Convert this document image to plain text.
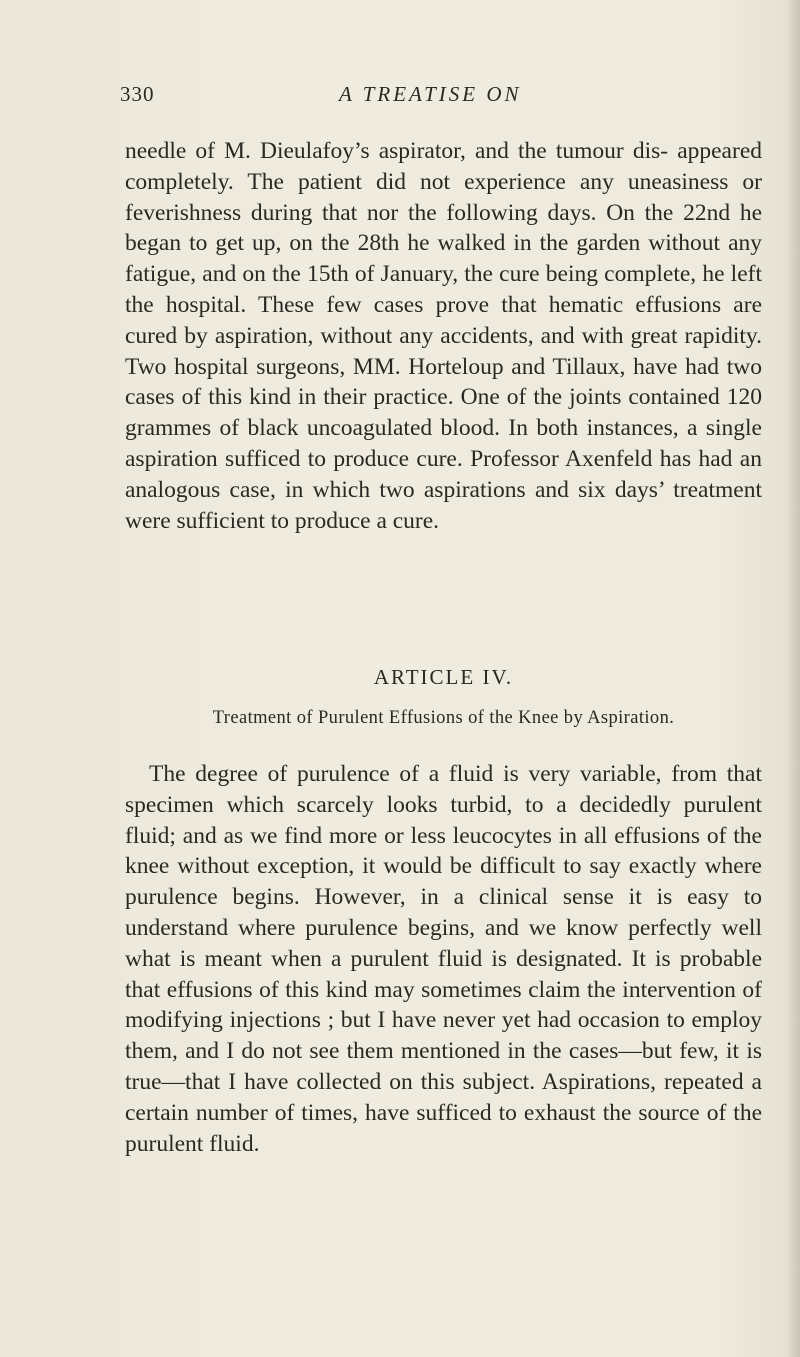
330	A TREATISE ON

needle of M. Dieulafoy’s aspirator, and the tumour dis- appeared completely. The patient did not experience any uneasiness or feverishness during that nor the following days. On the 22nd he began to get up, on the 28th he walked in the garden without any fatigue, and on the 15th of January, the cure being complete, he left the hospital. These few cases prove that hematic effusions are cured by aspiration, without any accidents, and with great rapidity. Two hospital surgeons, MM. Horteloup and Tillaux, have had two cases of this kind in their practice. One of the joints contained 120 grammes of black uncoagulated blood. In both instances, a single aspiration sufficed to produce cure. Professor Axenfeld has had an analogous case, in which two aspirations and six days’ treatment were sufficient to produce a cure.

ARTICLE IV.
Treatment of Purulent Effusions of the Knee by Aspiration.

The degree of purulence of a fluid is very variable, from that specimen which scarcely looks turbid, to a decidedly purulent fluid; and as we find more or less leucocytes in all effusions of the knee without exception, it would be difficult to say exactly where purulence begins. However, in a clinical sense it is easy to understand where purulence begins, and we know perfectly well what is meant when a purulent fluid is designated. It is probable that effusions of this kind may sometimes claim the intervention of modifying injections ; but I have never yet had occasion to employ them, and I do not see them mentioned in the cases—but few, it is true—that I have collected on this subject. Aspirations, repeated a certain number of times, have sufficed to exhaust the source of the purulent fluid.
